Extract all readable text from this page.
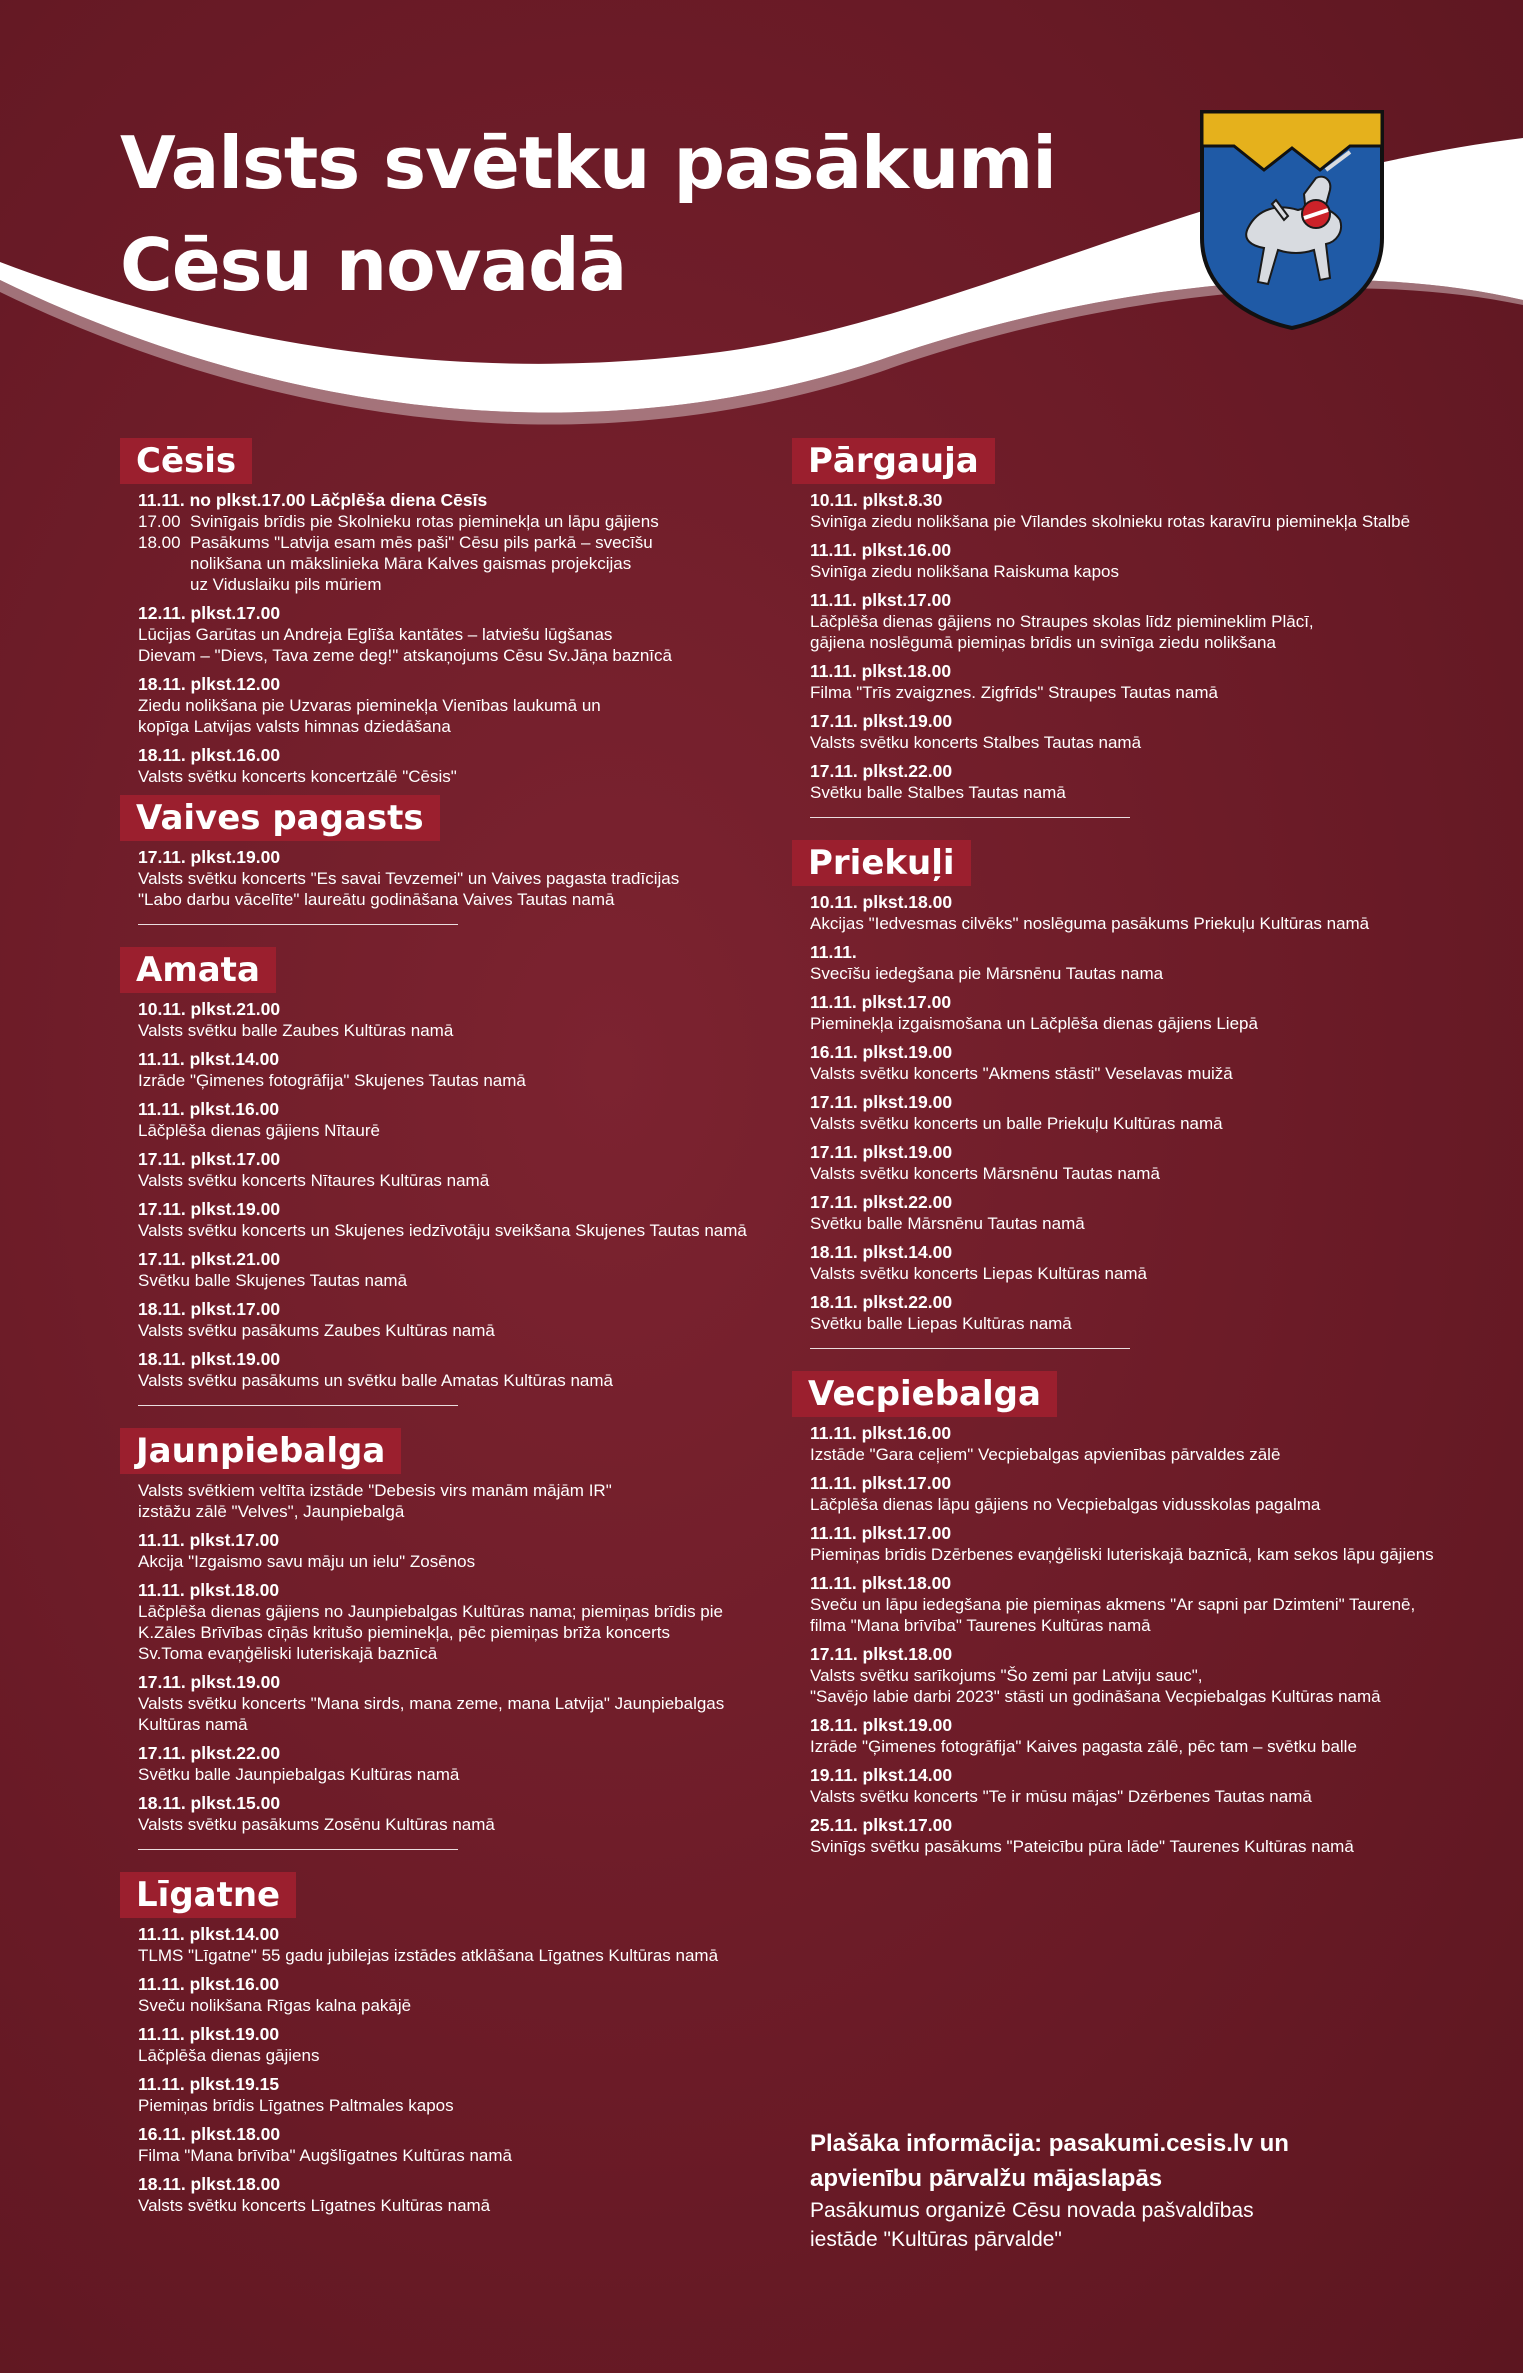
Valsts svētku pasākumi
Cēsu novadā
Cēsis
11.11. no plkst.17.00 Lāčplēša diena Cēsīs
17.00 Svinīgais brīdis pie Skolnieku rotas pieminekļa un lāpu gājiens
18.00 Pasākums "Latvija esam mēs paši" Cēsu pils parkā – svecīšu
nolikšana un mākslinieka Māra Kalves gaismas projekcijas
uz Viduslaiku pils mūriem
12.11. plkst.17.00
Lūcijas Garūtas un Andreja Eglīša kantātes – latviešu lūgšanas
Dievam – "Dievs, Tava zeme deg!" atskaņojums Cēsu Sv.Jāņa baznīcā
18.11. plkst.12.00
Ziedu nolikšana pie Uzvaras pieminekļa Vienības laukumā un
kopīga Latvijas valsts himnas dziedāšana
18.11. plkst.16.00
Valsts svētku koncerts koncertzālē "Cēsis"
Vaives pagasts
17.11. plkst.19.00
Valsts svētku koncerts "Es savai Tevzemei" un Vaives pagasta tradīcijas
"Labo darbu vācelīte" laureātu godināšana Vaives Tautas namā
Amata
10.11. plkst.21.00
Valsts svētku balle Zaubes Kultūras namā
11.11. plkst.14.00
Izrāde "Ģimenes fotogrāfija" Skujenes Tautas namā
11.11. plkst.16.00
Lāčplēša dienas gājiens Nītaurē
17.11. plkst.17.00
Valsts svētku koncerts Nītaures Kultūras namā
17.11. plkst.19.00
Valsts svētku koncerts un Skujenes iedzīvotāju sveikšana Skujenes Tautas namā
17.11. plkst.21.00
Svētku balle Skujenes Tautas namā
18.11. plkst.17.00
Valsts svētku pasākums Zaubes Kultūras namā
18.11. plkst.19.00
Valsts svētku pasākums un svētku balle Amatas Kultūras namā
Jaunpiebalga
Valsts svētkiem veltīta izstāde "Debesis virs manām mājām IR"
izstāžu zālē "Velves", Jaunpiebalgā
11.11. plkst.17.00
Akcija "Izgaismo savu māju un ielu" Zosēnos
11.11. plkst.18.00
Lāčplēša dienas gājiens no Jaunpiebalgas Kultūras nama; piemiņas brīdis pie
K.Zāles Brīvības cīņās kritušo pieminekļa, pēc piemiņas brīža koncerts
Sv.Toma evaņģēliski luteriskajā baznīcā
17.11. plkst.19.00
Valsts svētku koncerts "Mana sirds, mana zeme, mana Latvija" Jaunpiebalgas
Kultūras namā
17.11. plkst.22.00
Svētku balle Jaunpiebalgas Kultūras namā
18.11. plkst.15.00
Valsts svētku pasākums Zosēnu Kultūras namā
Līgatne
11.11. plkst.14.00
TLMS "Līgatne" 55 gadu jubilejas izstādes atklāšana Līgatnes Kultūras namā
11.11. plkst.16.00
Sveču nolikšana Rīgas kalna pakājē
11.11. plkst.19.00
Lāčplēša dienas gājiens
11.11. plkst.19.15
Piemiņas brīdis Līgatnes Paltmales kapos
16.11. plkst.18.00
Filma "Mana brīvība" Augšlīgatnes Kultūras namā
18.11. plkst.18.00
Valsts svētku koncerts Līgatnes Kultūras namā
Pārgauja
10.11. plkst.8.30
Svinīga ziedu nolikšana pie Vīlandes skolnieku rotas karavīru pieminekļa Stalbē
11.11. plkst.16.00
Svinīga ziedu nolikšana Raiskuma kapos
11.11. plkst.17.00
Lāčplēša dienas gājiens no Straupes skolas līdz piemineklim Plācī,
gājiena noslēgumā piemiņas brīdis un svinīga ziedu nolikšana
11.11. plkst.18.00
Filma "Trīs zvaigznes. Zigfrīds" Straupes Tautas namā
17.11. plkst.19.00
Valsts svētku koncerts Stalbes Tautas namā
17.11. plkst.22.00
Svētku balle Stalbes Tautas namā
Priekuļi
10.11. plkst.18.00
Akcijas "Iedvesmas cilvēks" noslēguma pasākums Priekuļu Kultūras namā
11.11.
Svecīšu iedegšana pie Mārsnēnu Tautas nama
11.11. plkst.17.00
Pieminekļa izgaismošana un Lāčplēša dienas gājiens Liepā
16.11. plkst.19.00
Valsts svētku koncerts "Akmens stāsti" Veselavas muižā
17.11. plkst.19.00
Valsts svētku koncerts un balle Priekuļu Kultūras namā
17.11. plkst.19.00
Valsts svētku koncerts Mārsnēnu Tautas namā
17.11. plkst.22.00
Svētku balle Mārsnēnu Tautas namā
18.11. plkst.14.00
Valsts svētku koncerts Liepas Kultūras namā
18.11. plkst.22.00
Svētku balle Liepas Kultūras namā
Vecpiebalga
11.11. plkst.16.00
Izstāde "Gara ceļiem" Vecpiebalgas apvienības pārvaldes zālē
11.11. plkst.17.00
Lāčplēša dienas lāpu gājiens no Vecpiebalgas vidusskolas pagalma
11.11. plkst.17.00
Piemiņas brīdis Dzērbenes evaņģēliski luteriskajā baznīcā, kam sekos lāpu gājiens
11.11. plkst.18.00
Sveču un lāpu iedegšana pie piemiņas akmens "Ar sapni par Dzimteni" Taurenē,
filma "Mana brīvība" Taurenes Kultūras namā
17.11. plkst.18.00
Valsts svētku sarīkojums "Šo zemi par Latviju sauc",
"Savējo labie darbi 2023" stāsti un godināšana Vecpiebalgas Kultūras namā
18.11. plkst.19.00
Izrāde "Ģimenes fotogrāfija" Kaives pagasta zālē, pēc tam – svētku balle
19.11. plkst.14.00
Valsts svētku koncerts "Te ir mūsu mājas" Dzērbenes Tautas namā
25.11. plkst.17.00
Svinīgs svētku pasākums "Pateicību pūra lāde" Taurenes Kultūras namā
Plašāka informācija: pasakumi.cesis.lv un
apvienību pārvalžu mājaslapās
Pasākumus organizē Cēsu novada pašvaldības
iestāde "Kultūras pārvalde"
